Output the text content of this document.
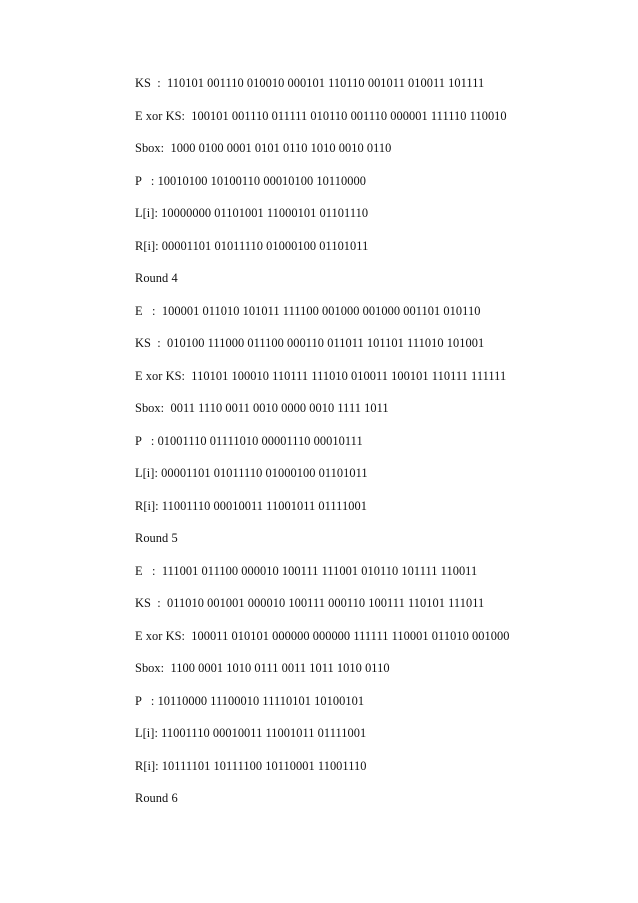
KS  :  110101 001110 010010 000101 110110 001011 010011 101111
E xor KS:  100101 001110 011111 010110 001110 000001 111110 110010
Sbox:  1000 0100 0001 0101 0110 1010 0010 0110
P   : 10010100 10100110 00010100 10110000
L[i]: 10000000 01101001 11000101 01101110
R[i]: 00001101 01011110 01000100 01101011
Round 4
E   :  100001 011010 101011 111100 001000 001000 001101 010110
KS  :  010100 111000 011100 000110 011011 101101 111010 101001
E xor KS:  110101 100010 110111 111010 010011 100101 110111 111111
Sbox:  0011 1110 0011 0010 0000 0010 1111 1011
P   : 01001110 01111010 00001110 00010111
L[i]: 00001101 01011110 01000100 01101011
R[i]: 11001110 00010011 11001011 01111001
Round 5
E   :  111001 011100 000010 100111 111001 010110 101111 110011
KS  :  011010 001001 000010 100111 000110 100111 110101 111011
E xor KS:  100011 010101 000000 000000 111111 110001 011010 001000
Sbox:  1100 0001 1010 0111 0011 1011 1010 0110
P   : 10110000 11100010 11110101 10100101
L[i]: 11001110 00010011 11001011 01111001
R[i]: 10111101 10111100 10110001 11001110
Round 6
